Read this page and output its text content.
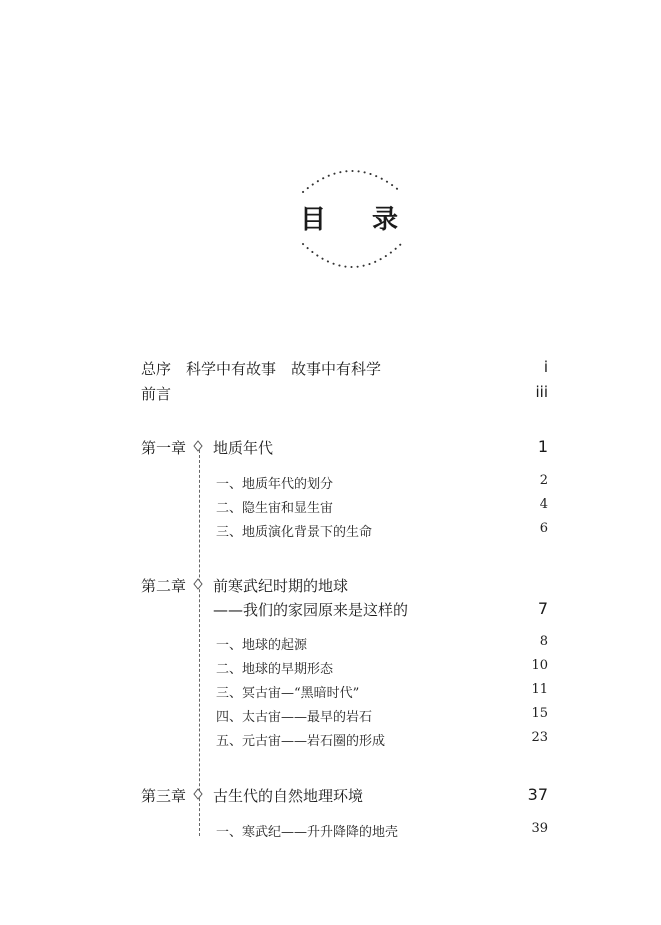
目 录
总序　科学中有故事　故事中有科学	i
前言	iii
第一章 地质年代	1
一、地质年代的划分	2
二、隐生宙和显生宙	4
三、地质演化背景下的生命	6
第二章 前寒武纪时期的地球
——我们的家园原来是这样的	7
一、地球的起源	8
二、地球的早期形态	10
三、冥古宙—“黑暗时代”	11
四、太古宙——最早的岩石	15
五、元古宙——岩石圈的形成	23
第三章 古生代的自然地理环境	37
一、寒武纪——升升降降的地壳	39
